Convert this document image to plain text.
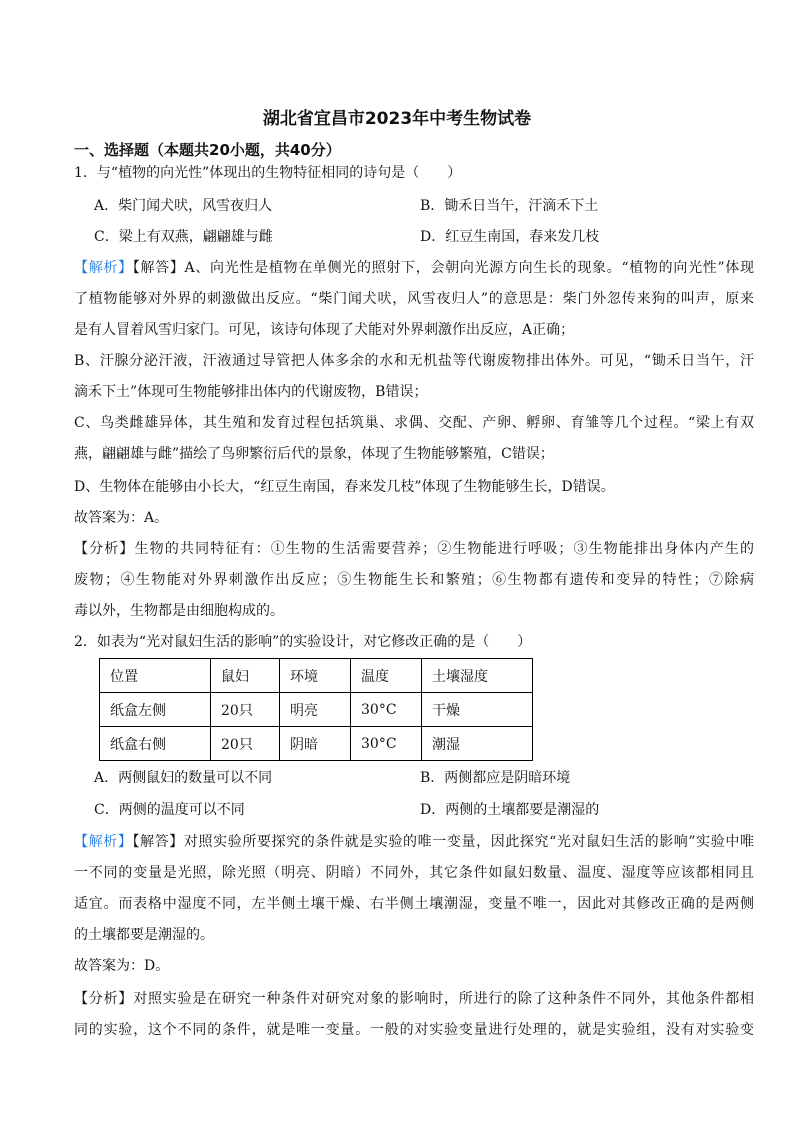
湖北省宜昌市2023年中考生物试卷
一、选择题（本题共20小题，共40分）
1．与“植物的向光性”体现出的生物特征相同的诗句是（　　）
A．柴门闻犬吠，风雪夜归人	B．锄禾日当午，汗滴禾下土
C．梁上有双燕，翩翩雄与雌	D．红豆生南国，春来发几枝
【解析】【解答】A、向光性是植物在单侧光的照射下，会朝向光源方向生长的现象。“植物的向光性”体现
了植物能够对外界的刺激做出反应。“柴门闻犬吠，风雪夜归人”的意思是：柴门外忽传来狗的叫声，原来
是有人冒着风雪归家门。可见，该诗句体现了犬能对外界刺激作出反应，A正确；
B、汗腺分泌汗液，汗液通过导管把人体多余的水和无机盐等代谢废物排出体外。可见，“锄禾日当午，汗
滴禾下土”体现可生物能够排出体内的代谢废物，B错误；
C、鸟类雌雄异体，其生殖和发育过程包括筑巢、求偶、交配、产卵、孵卵、育雏等几个过程。“梁上有双
燕，翩翩雄与雌”描绘了鸟卵繁衍后代的景象，体现了生物能够繁殖，C错误；
D、生物体在能够由小长大，“红豆生南国，春来发几枝”体现了生物能够生长，D错误。
故答案为：A。
【分析】生物的共同特征有：①生物的生活需要营养；②生物能进行呼吸；③生物能排出身体内产生的
废物；④生物能对外界刺激作出反应；⑤生物能生长和繁殖；⑥生物都有遗传和变异的特性；⑦除病
毒以外，生物都是由细胞构成的。
2．如表为“光对鼠妇生活的影响”的实验设计，对它修改正确的是（　　）
位置	鼠妇	环境	温度	土壤湿度
纸盒左侧	20只	明亮	30°C	干燥
纸盒右侧	20只	阴暗	30°C	潮湿
A．两侧鼠妇的数量可以不同	B．两侧都应是阴暗环境
C．两侧的温度可以不同	D．两侧的土壤都要是潮湿的
【解析】【解答】对照实验所要探究的条件就是实验的唯一变量，因此探究“光对鼠妇生活的影响”实验中唯
一不同的变量是光照，除光照（明亮、阴暗）不同外，其它条件如鼠妇数量、温度、湿度等应该都相同且
适宜。而表格中湿度不同，左半侧土壤干燥、右半侧土壤潮湿，变量不唯一，因此对其修改正确的是两侧
的土壤都要是潮湿的。
故答案为：D。
【分析】对照实验是在研究一种条件对研究对象的影响时，所进行的除了这种条件不同外，其他条件都相
同的实验，这个不同的条件，就是唯一变量。一般的对实验变量进行处理的，就是实验组，没有对实验变
